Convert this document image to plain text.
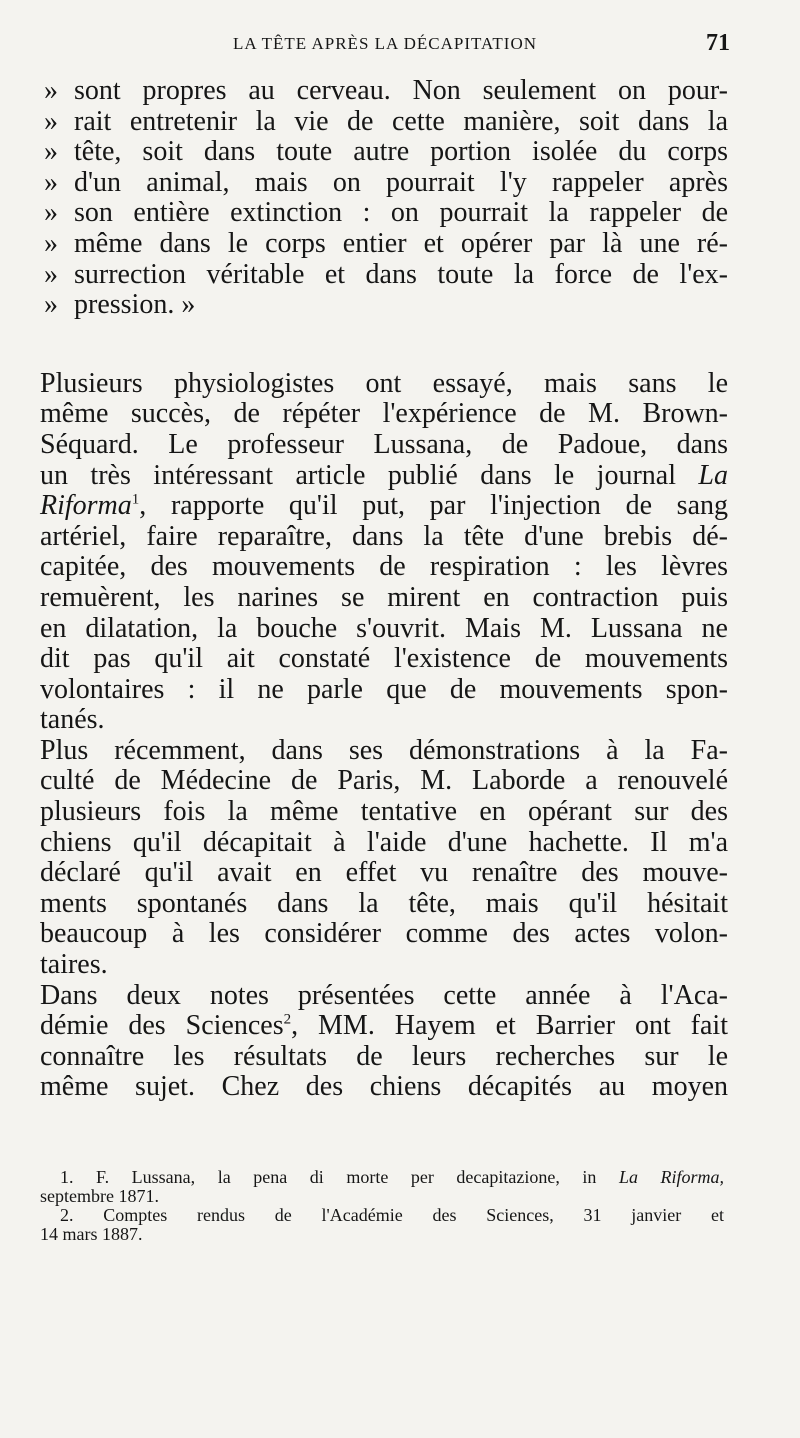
LA TÊTE APRÈS LA DÉCAPITATION	71
» sont propres au cerveau. Non seulement on pour-
» rait entretenir la vie de cette manière, soit dans la
» tête, soit dans toute autre portion isolée du corps
» d'un animal, mais on pourrait l'y rappeler après
» son entière extinction : on pourrait la rappeler de
» même dans le corps entier et opérer par là une ré-
» surrection véritable et dans toute la force de l'ex-
» pression. »
Plusieurs physiologistes ont essayé, mais sans le
même succès, de répéter l'expérience de M. Brown-
Séquard. Le professeur Lussana, de Padoue, dans
un très intéressant article publié dans le journal La
Riforma$^1$, rapporte qu'il put, par l'injection de sang
artériel, faire reparaître, dans la tête d'une brebis dé-
capitée, des mouvements de respiration : les lèvres
remuèrent, les narines se mirent en contraction puis
en dilatation, la bouche s'ouvrit. Mais M. Lussana ne
dit pas qu'il ait constaté l'existence de mouvements
volontaires : il ne parle que de mouvements spon-
tanés.
Plus récemment, dans ses démonstrations à la Fa-
culté de Médecine de Paris, M. Laborde a renouvelé
plusieurs fois la même tentative en opérant sur des
chiens qu'il décapitait à l'aide d'une hachette. Il m'a
déclaré qu'il avait en effet vu renaître des mouve-
ments spontanés dans la tête, mais qu'il hésitait
beaucoup à les considérer comme des actes volon-
taires.
Dans deux notes présentées cette année à l'Aca-
démie des Sciences$^2$, MM. Hayem et Barrier ont fait
connaître les résultats de leurs recherches sur le
même sujet. Chez des chiens décapités au moyen
1. F. Lussana, la pena di morte per decapitazione, in La Riforma,
septembre 1871.
2. Comptes rendus de l'Académie des Sciences, 31 janvier et
14 mars 1887.
